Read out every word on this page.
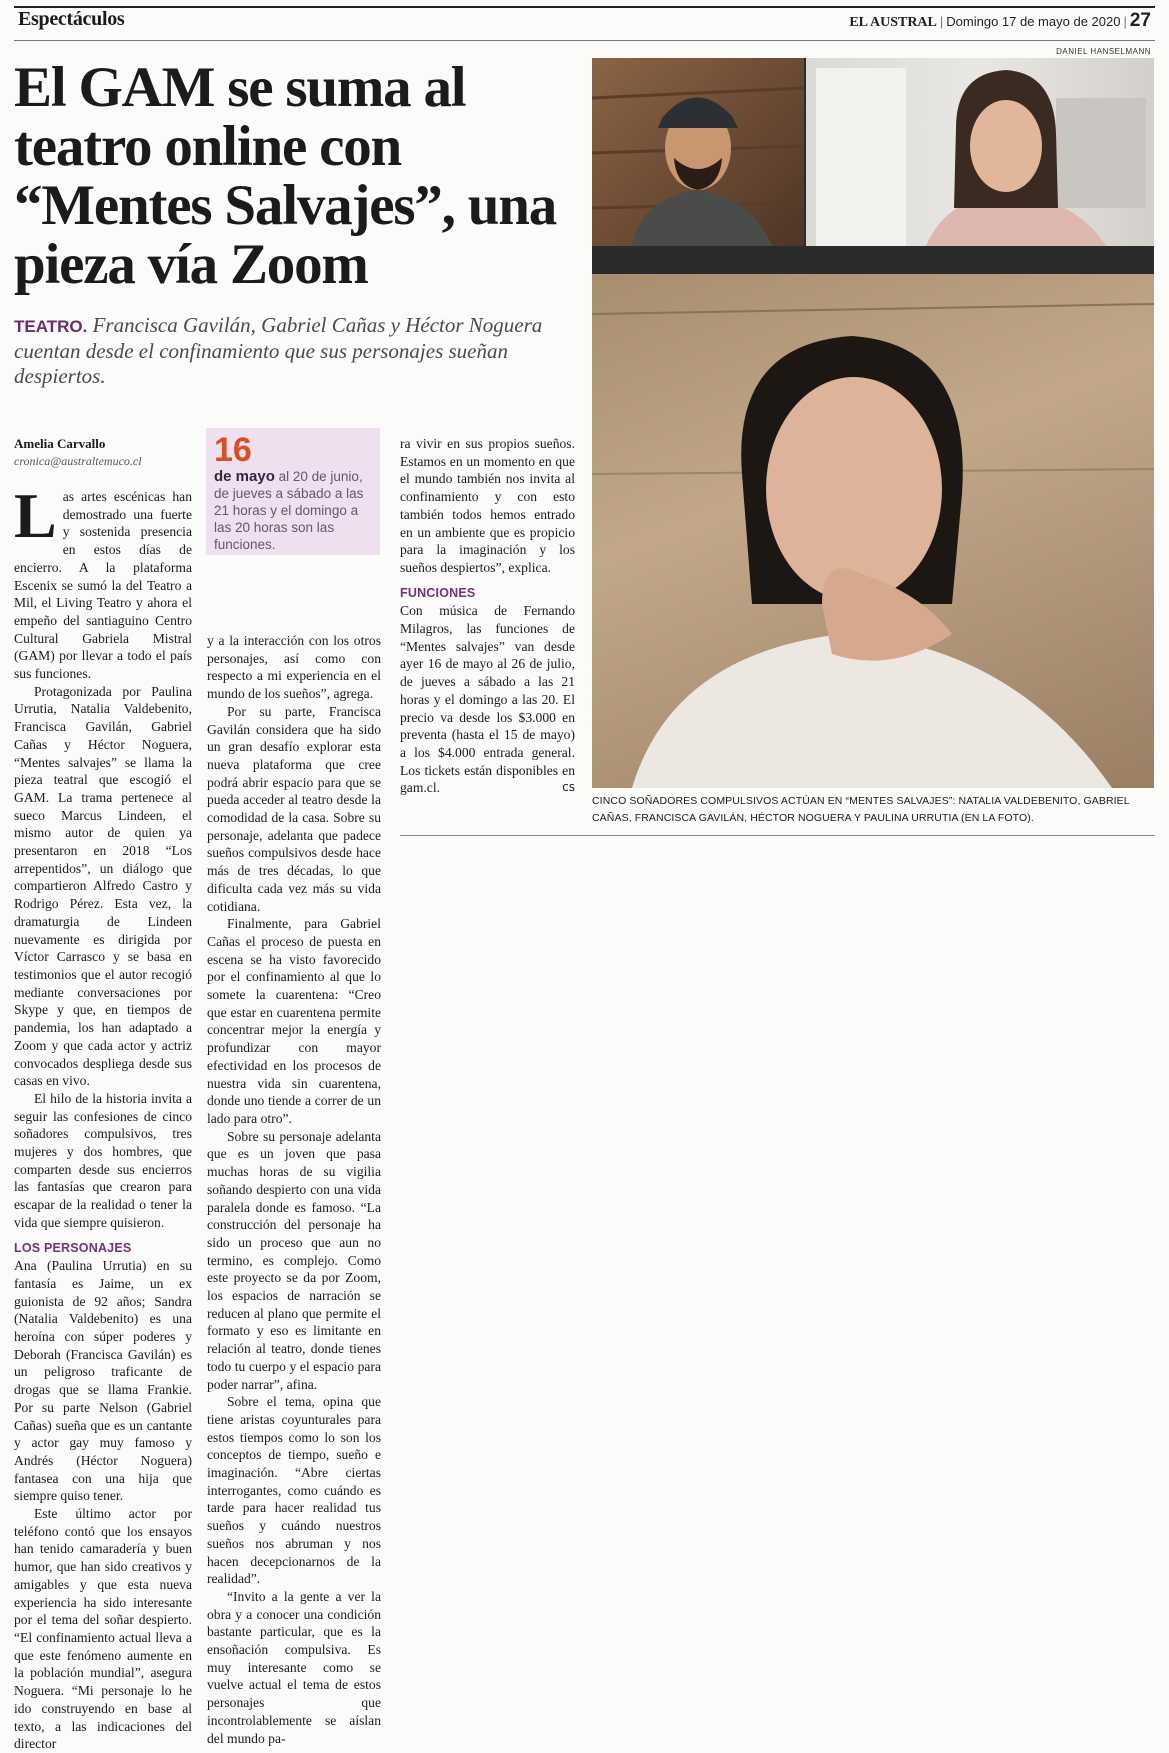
Espectáculos	EL AUSTRAL | Domingo 17 de mayo de 2020 | 27
El GAM se suma al teatro online con “Mentes Salvajes”, una pieza vía Zoom
TEATRO. Francisca Gavilán, Gabriel Cañas y Héctor Noguera cuentan desde el confinamiento que sus personajes sueñan despiertos.
Amelia Carvallo
cronica@australtemuco.cl

Las artes escénicas han demostrado una fuerte y sostenida presencia en estos días de encierro. A la plataforma Escenix se sumó la del Teatro a Mil, el Living Teatro y ahora el empeño del santiaguino Centro Cultural Gabriela Mistral (GAM) por llevar a todo el país sus funciones.

Protagonizada por Paulina Urrutia, Natalia Valdebenito, Francisca Gavilán, Gabriel Cañas y Héctor Noguera, “Mentes salvajes” se llama la pieza teatral que escogió el GAM. La trama pertenece al sueco Marcus Lindeen, el mismo autor de quien ya presentaron en 2018 “Los arrepentidos”, un diálogo que compartieron Alfredo Castro y Rodrigo Pérez. Esta vez, la dramaturgia de Lindeen nuevamente es dirigida por Víctor Carrasco y se basa en testimonios que el autor recogió mediante conversaciones por Skype y que, en tiempos de pandemia, los han adaptado a Zoom y que cada actor y actriz convocados despliega desde sus casas en vivo.

El hilo de la historia invita a seguir las confesiones de cinco soñadores compulsivos, tres mujeres y dos hombres, que comparten desde sus encierros las fantasías que crearon para escapar de la realidad o tener la vida que siempre quisieron.

LOS PERSONAJES

Ana (Paulina Urrutia) en su fantasía es Jaime, un ex guionista de 92 años; Sandra (Natalia Valdebenito) es una heroína con súper poderes y Deborah (Francisca Gavilán) es un peligroso traficante de drogas que se llama Frankie. Por su parte Nelson (Gabriel Cañas) sueña que es un cantante y actor gay muy famoso y Andrés (Héctor Noguera) fantasea con una hija que siempre quiso tener.

Este último actor por teléfono contó que los ensayos han tenido camaradería y buen humor, que han sido creativos y amigables y que esta nueva experiencia ha sido interesante por el tema del soñar despierto. “El confinamiento actual lleva a que este fenómeno aumente en la población mundial”, asegura Noguera. “Mi personaje lo he ido construyendo en base al texto, a las indicaciones del director

16
de mayo al 20 de junio, de jueves a sábado a las 21 horas y el domingo a las 20 horas son las funciones.

y a la interacción con los otros personajes, así como con respecto a mi experiencia en el mundo de los sueños”, agrega.

Por su parte, Francisca Gavilán considera que ha sido un gran desafío explorar esta nueva plataforma que cree podrá abrir espacio para que se pueda acceder al teatro desde la comodidad de la casa. Sobre su personaje, adelanta que padece sueños compulsivos desde hace más de tres décadas, lo que dificulta cada vez más su vida cotidiana.

Finalmente, para Gabriel Cañas el proceso de puesta en escena se ha visto favorecido por el confinamiento al que lo somete la cuarentena: “Creo que estar en cuarentena permite concentrar mejor la energía y profundizar con mayor efectividad en los procesos de nuestra vida sin cuarentena, donde uno tiende a correr de un lado para otro”.

Sobre su personaje adelanta que es un joven que pasa muchas horas de su vigilia soñando despierto con una vida paralela donde es famoso. “La construcción del personaje ha sido un proceso que aun no termino, es complejo. Como este proyecto se da por Zoom, los espacios de narración se reducen al plano que permite el formato y eso es limitante en relación al teatro, donde tienes todo tu cuerpo y el espacio para poder narrar”, afina.

Sobre el tema, opina que tiene aristas coyunturales para estos tiempos como lo son los conceptos de tiempo, sueño e imaginación. “Abre ciertas interrogantes, como cuándo es tarde para hacer realidad tus sueños y cuándo nuestros sueños nos abruman y nos hacen decepcionarnos de la realidad”.

“Invito a la gente a ver la obra y a conocer una condición bastante particular, que es la ensoñación compulsiva. Es muy interesante como se vuelve actual el tema de estos personajes que incontrolablemente se aíslan del mundo pa-

ra vivir en sus propios sueños. Estamos en un momento en que el mundo también nos invita al confinamiento y con esto también todos hemos entrado en un ambiente que es propicio para la imaginación y los sueños despiertos”, explica.

FUNCIONES

Con música de Fernando Milagros, las funciones de “Mentes salvajes” van desde ayer 16 de mayo al 26 de julio, de jueves a sábado a las 21 horas y el domingo a las 20. El precio va desde los $3.000 en preventa (hasta el 15 de mayo) a los $4.000 entrada general. Los tickets están disponibles en gam.cl.	cs

DANIEL HANSELMANN
CINCO SOÑADORES COMPULSIVOS ACTÚAN EN “MENTES SALVAJES”: NATALIA VALDEBENITO, GABRIEL CAÑAS, FRANCISCA GAVILÁN, HÉCTOR NOGUERA Y PAULINA URRUTIA (EN LA FOTO).
